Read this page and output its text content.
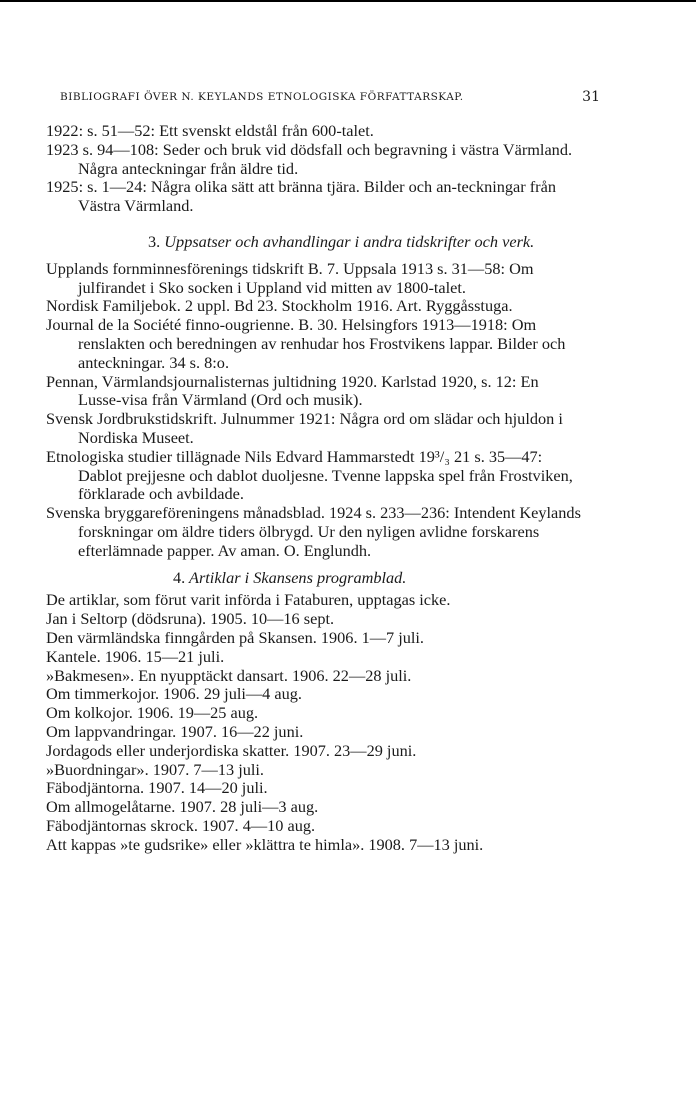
BIBLIOGRAFI ÖVER N. KEYLANDS ETNOLOGISKA FÖRFATTARSKAP.	31
1922: s. 51—52: Ett svenskt eldstål från 600-talet.
1923 s. 94—108: Seder och bruk vid dödsfall och begravning i västra Värmland. Några anteckningar från äldre tid.
1925: s. 1—24: Några olika sätt att bränna tjära. Bilder och an-teckningar från Västra Värmland.
3. Uppsatser och avhandlingar i andra tidskrifter och verk.
Upplands fornminnesförenings tidskrift B. 7. Uppsala 1913 s. 31—58: Om julfirandet i Sko socken i Uppland vid mitten av 1800-talet.
Nordisk Familjebok. 2 uppl. Bd 23. Stockholm 1916. Art. Ryggåsstuga.
Journal de la Société finno-ougrienne. B. 30. Helsingfors 1913—1918: Om renslakten och beredningen av renhudar hos Frostvikens lappar. Bilder och anteckningar. 34 s. 8:o.
Pennan, Värmlandsjournalisternas jultidning 1920. Karlstad 1920, s. 12: En Lusse-visa från Värmland (Ord och musik).
Svensk Jordbrukstidskrift. Julnummer 1921: Några ord om slädar och hjuldon i Nordiska Museet.
Etnologiska studier tillägnade Nils Edvard Hammarstedt 19³/₃ 21 s. 35—47: Dablot prejjesne och dablot duoljesne. Tvenne lappska spel från Frostviken, förklarade och avbildade.
Svenska bryggareföreningens månadsblad. 1924 s. 233—236: Intendent Keylands forskningar om äldre tiders ölbrygd. Ur den nyligen avlidne forskarens efterlämnade papper. Av aman. O. Englundh.
4. Artiklar i Skansens programblad.
De artiklar, som förut varit införda i Fataburen, upptagas icke.
Jan i Seltorp (dödsruna). 1905. 10—16 sept.
Den värmländska finngården på Skansen. 1906. 1—7 juli.
Kantele. 1906. 15—21 juli.
»Bakmesen». En nyupptäckt dansart. 1906. 22—28 juli.
Om timmerkojor. 1906. 29 juli—4 aug.
Om kolkojor. 1906. 19—25 aug.
Om lappvandringar. 1907. 16—22 juni.
Jordagods eller underjordiska skatter. 1907. 23—29 juni.
»Buordningar». 1907. 7—13 juli.
Fäbodjäntorna. 1907. 14—20 juli.
Om allmogelåtarne. 1907. 28 juli—3 aug.
Fäbodjäntornas skrock. 1907. 4—10 aug.
Att kappas »te gudsrike» eller »klättra te himla». 1908. 7—13 juni.
